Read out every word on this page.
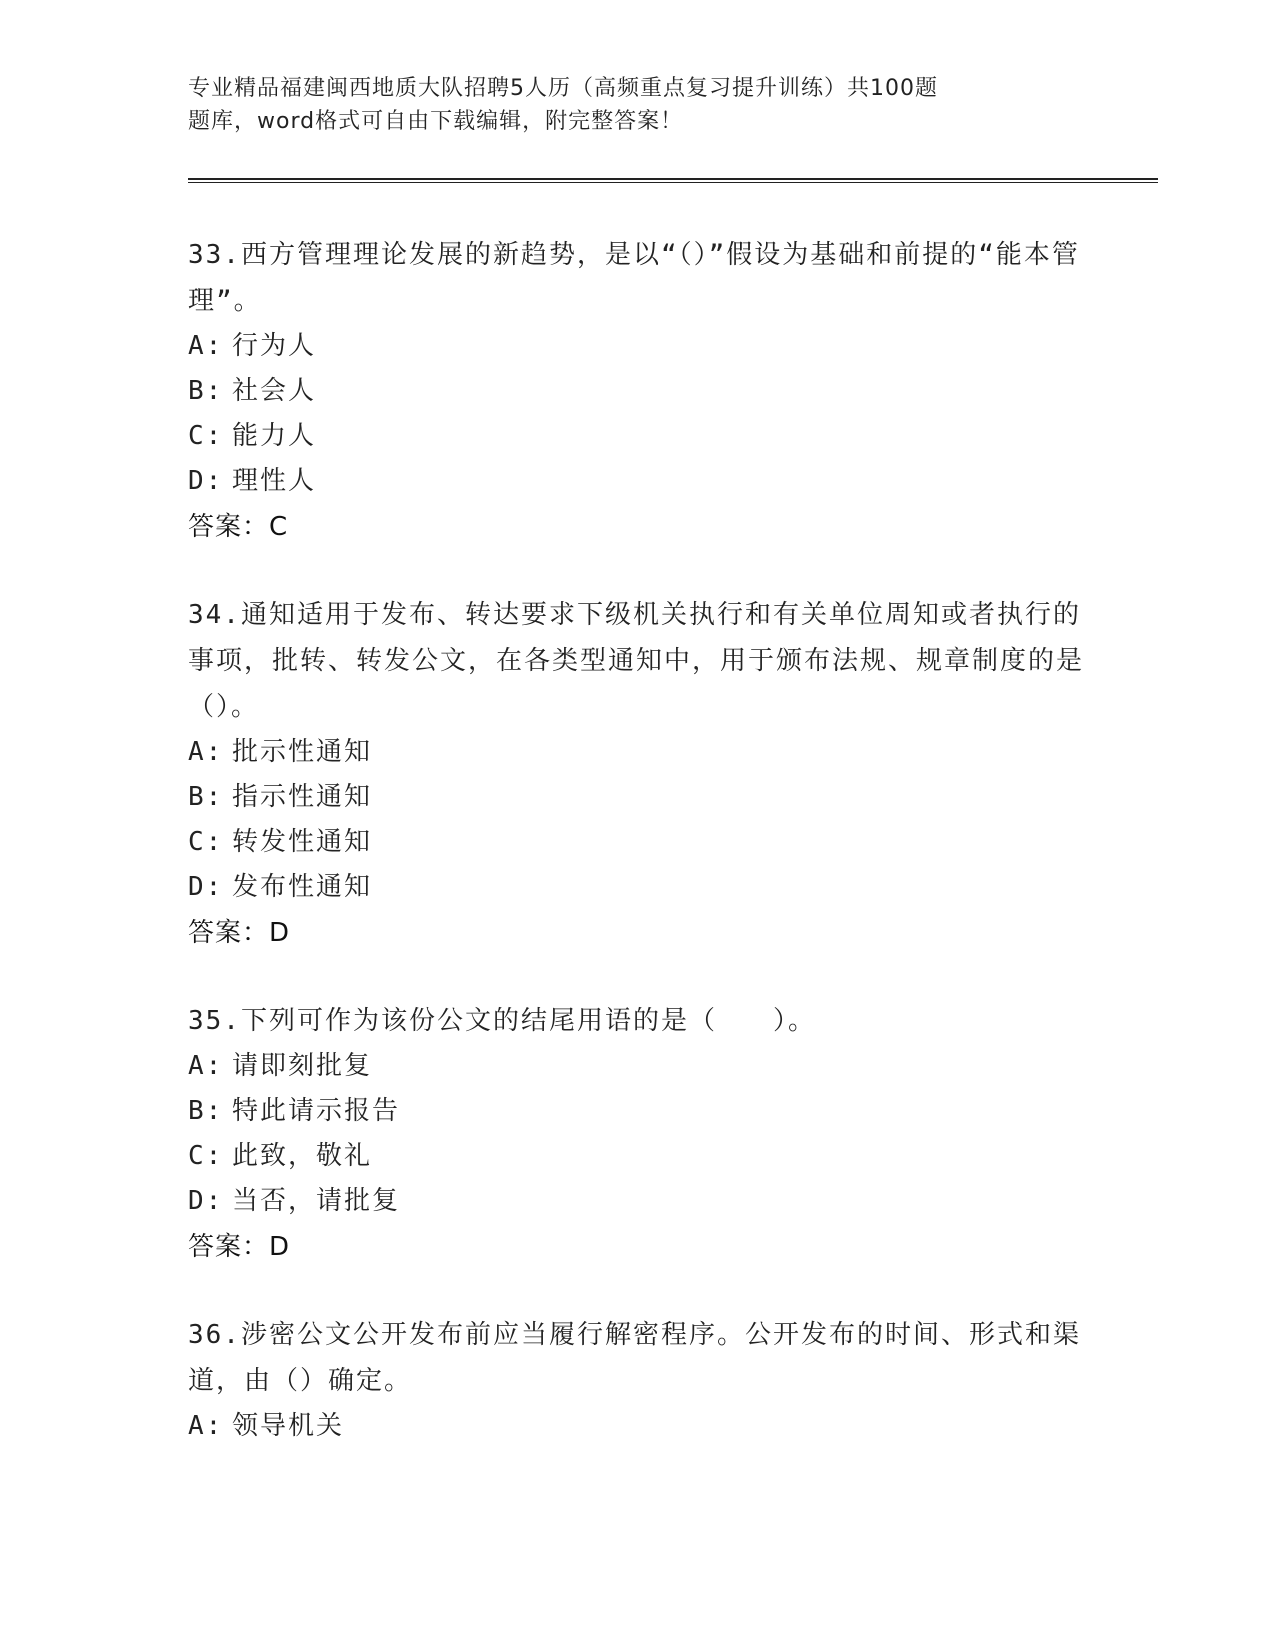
专业精品福建闽西地质大队招聘5人历（高频重点复习提升训练）共100题
题库，word格式可自由下载编辑，附完整答案！

33.西方管理理论发展的新趋势，是以“（）”假设为基础和前提的“能本管理”。

A: 行为人

B: 社会人

C: 能力人

D: 理性人

答案：C

34.通知适用于发布、转达要求下级机关执行和有关单位周知或者执行的事项，批转、转发公文，在各类型通知中，用于颁布法规、规章制度的是（）。

A: 批示性通知

B: 指示性通知

C: 转发性通知

D: 发布性通知

答案：D

35.下列可作为该份公文的结尾用语的是（　　）。

A: 请即刻批复

B: 特此请示报告

C: 此致，敬礼

D: 当否，请批复

答案：D

36.涉密公文公开发布前应当履行解密程序。公开发布的时间、形式和渠道，由（）确定。

A: 领导机关
